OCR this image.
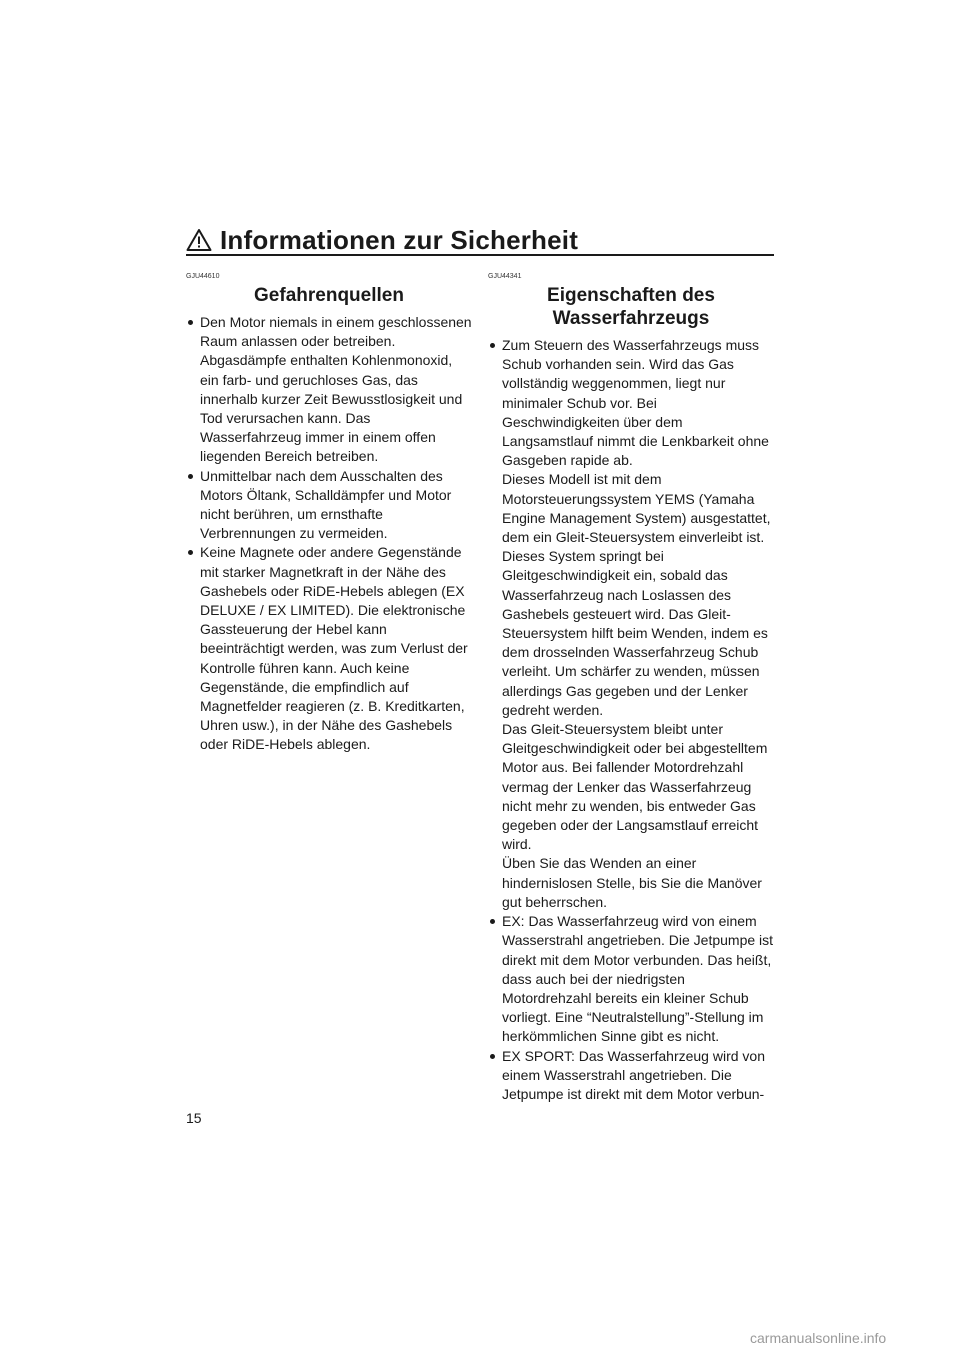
Informationen zur Sicherheit
GJU44610
Gefahrenquellen

Den Motor niemals in einem geschlossenen Raum anlassen oder betreiben. Abgasdämpfe enthalten Kohlenmonoxid, ein farb- und geruchloses Gas, das innerhalb kurzer Zeit Bewusstlosigkeit und Tod verursachen kann. Das Wasserfahrzeug immer in einem offen liegenden Bereich betreiben.

Unmittelbar nach dem Ausschalten des Motors Öltank, Schalldämpfer und Motor nicht berühren, um ernsthafte Verbrennungen zu vermeiden.

Keine Magnete oder andere Gegenstände mit starker Magnetkraft in der Nähe des Gashebels oder RiDE-Hebels ablegen (EX DELUXE / EX LIMITED). Die elektronische Gassteuerung der Hebel kann beeinträchtigt werden, was zum Verlust der Kontrolle führen kann. Auch keine Gegenstände, die empfindlich auf Magnetfelder reagieren (z. B. Kreditkarten, Uhren usw.), in der Nähe des Gashebels oder RiDE-Hebels ablegen.

GJU44341
Eigenschaften des
Wasserfahrzeugs

Zum Steuern des Wasserfahrzeugs muss Schub vorhanden sein. Wird das Gas vollständig weggenommen, liegt nur minimaler Schub vor. Bei Geschwindigkeiten über dem Langsamstlauf nimmt die Lenkbarkeit ohne Gasgeben rapide ab.

Dieses Modell ist mit dem Motorsteuerungssystem YEMS (Yamaha Engine Management System) ausgestattet, dem ein Gleit-Steuersystem einverleibt ist. Dieses System springt bei Gleitgeschwindigkeit ein, sobald das Wasserfahrzeug nach Loslassen des Gashebels gesteuert wird. Das Gleit-Steuersystem hilft beim Wenden, indem es dem drosselnden Wasserfahrzeug Schub verleiht. Um schärfer zu wenden, müssen allerdings Gas gegeben und der Lenker gedreht werden.

Das Gleit-Steuersystem bleibt unter Gleitgeschwindigkeit oder bei abgestelltem Motor aus. Bei fallender Motordrehzahl vermag der Lenker das Wasserfahrzeug nicht mehr zu wenden, bis entweder Gas gegeben oder der Langsamstlauf erreicht wird.

Üben Sie das Wenden an einer hindernislosen Stelle, bis Sie die Manöver gut beherrschen.

EX: Das Wasserfahrzeug wird von einem Wasserstrahl angetrieben. Die Jetpumpe ist direkt mit dem Motor verbunden. Das heißt, dass auch bei der niedrigsten Motordrehzahl bereits ein kleiner Schub vorliegt. Eine “Neutralstellung”-Stellung im herkömmlichen Sinne gibt es nicht.

EX SPORT: Das Wasserfahrzeug wird von einem Wasserstrahl angetrieben. Die Jetpumpe ist direkt mit dem Motor verbun-

15
carmanualsonline.info
